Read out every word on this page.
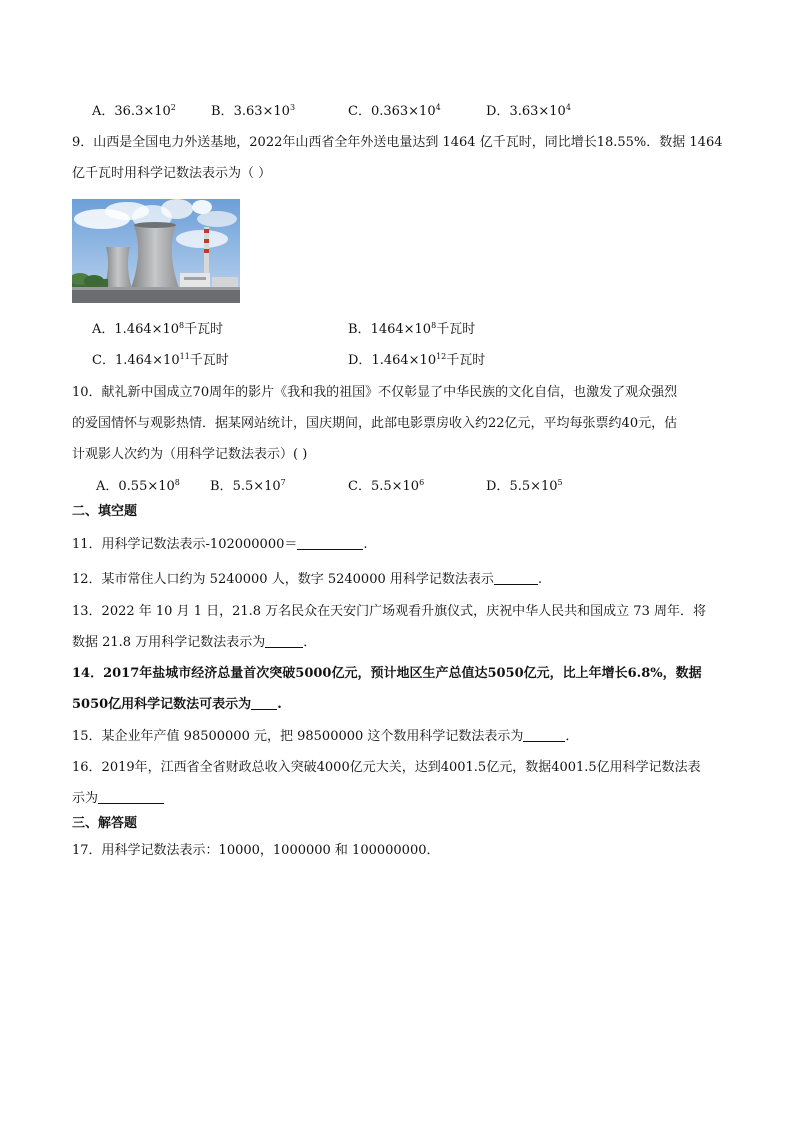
A．$36.3\times 10^2$	B．$3.63\times 10^3$	C．$0.363\times 10^4$	D．$3.63\times 10^4$
9．山西是全国电力外送基地，2022年山西省全年外送电量达到 1464 亿千瓦时，同比增长18.55%．数据 1464
亿千瓦时用科学记数法表示为（ ）
A．$1.464\times 10^8$千瓦时	B．$1464\times 10^8$千瓦时
C．$1.464\times 10^{11}$千瓦时	D．$1.464\times 10^{12}$千瓦时
10．献礼新中国成立70周年的影片《我和我的祖国》不仅彰显了中华民族的文化自信，也激发了观众强烈
的爱国情怀与观影热情．据某网站统计，国庆期间，此部电影票房收入约22亿元，平均每张票约40元，估
计观影人次约为（用科学记数法表示）( )
A．$0.55\times 10^8$ B．$5.5\times 10^7$	C．$5.5\times 10^6$	D．$5.5\times 10^5$
二、填空题
11．用科学记数法表示-102000000＝	.
12．某市常住人口约为 5240000 人，数字 5240000 用科学记数法表示	.
13．2022 年 10 月 1 日，21.8 万名民众在天安门广场观看升旗仪式，庆祝中华人民共和国成立 73 周年．将
数据 21.8 万用科学记数法表示为	．
14．2017年盐城市经济总量首次突破5000亿元，预计地区生产总值达5050亿元，比上年增长6.8%，数据
5050亿用科学记数法可表示为 .
15．某企业年产值 98500000 元，把 98500000 这个数用科学记数法表示为	．
16．2019年，江西省全省财政总收入突破4000亿元大关，达到4001.5亿元，数据4001.5亿用科学记数法表
示为
三、解答题
17．用科学记数法表示：10000，1000000 和 100000000．
